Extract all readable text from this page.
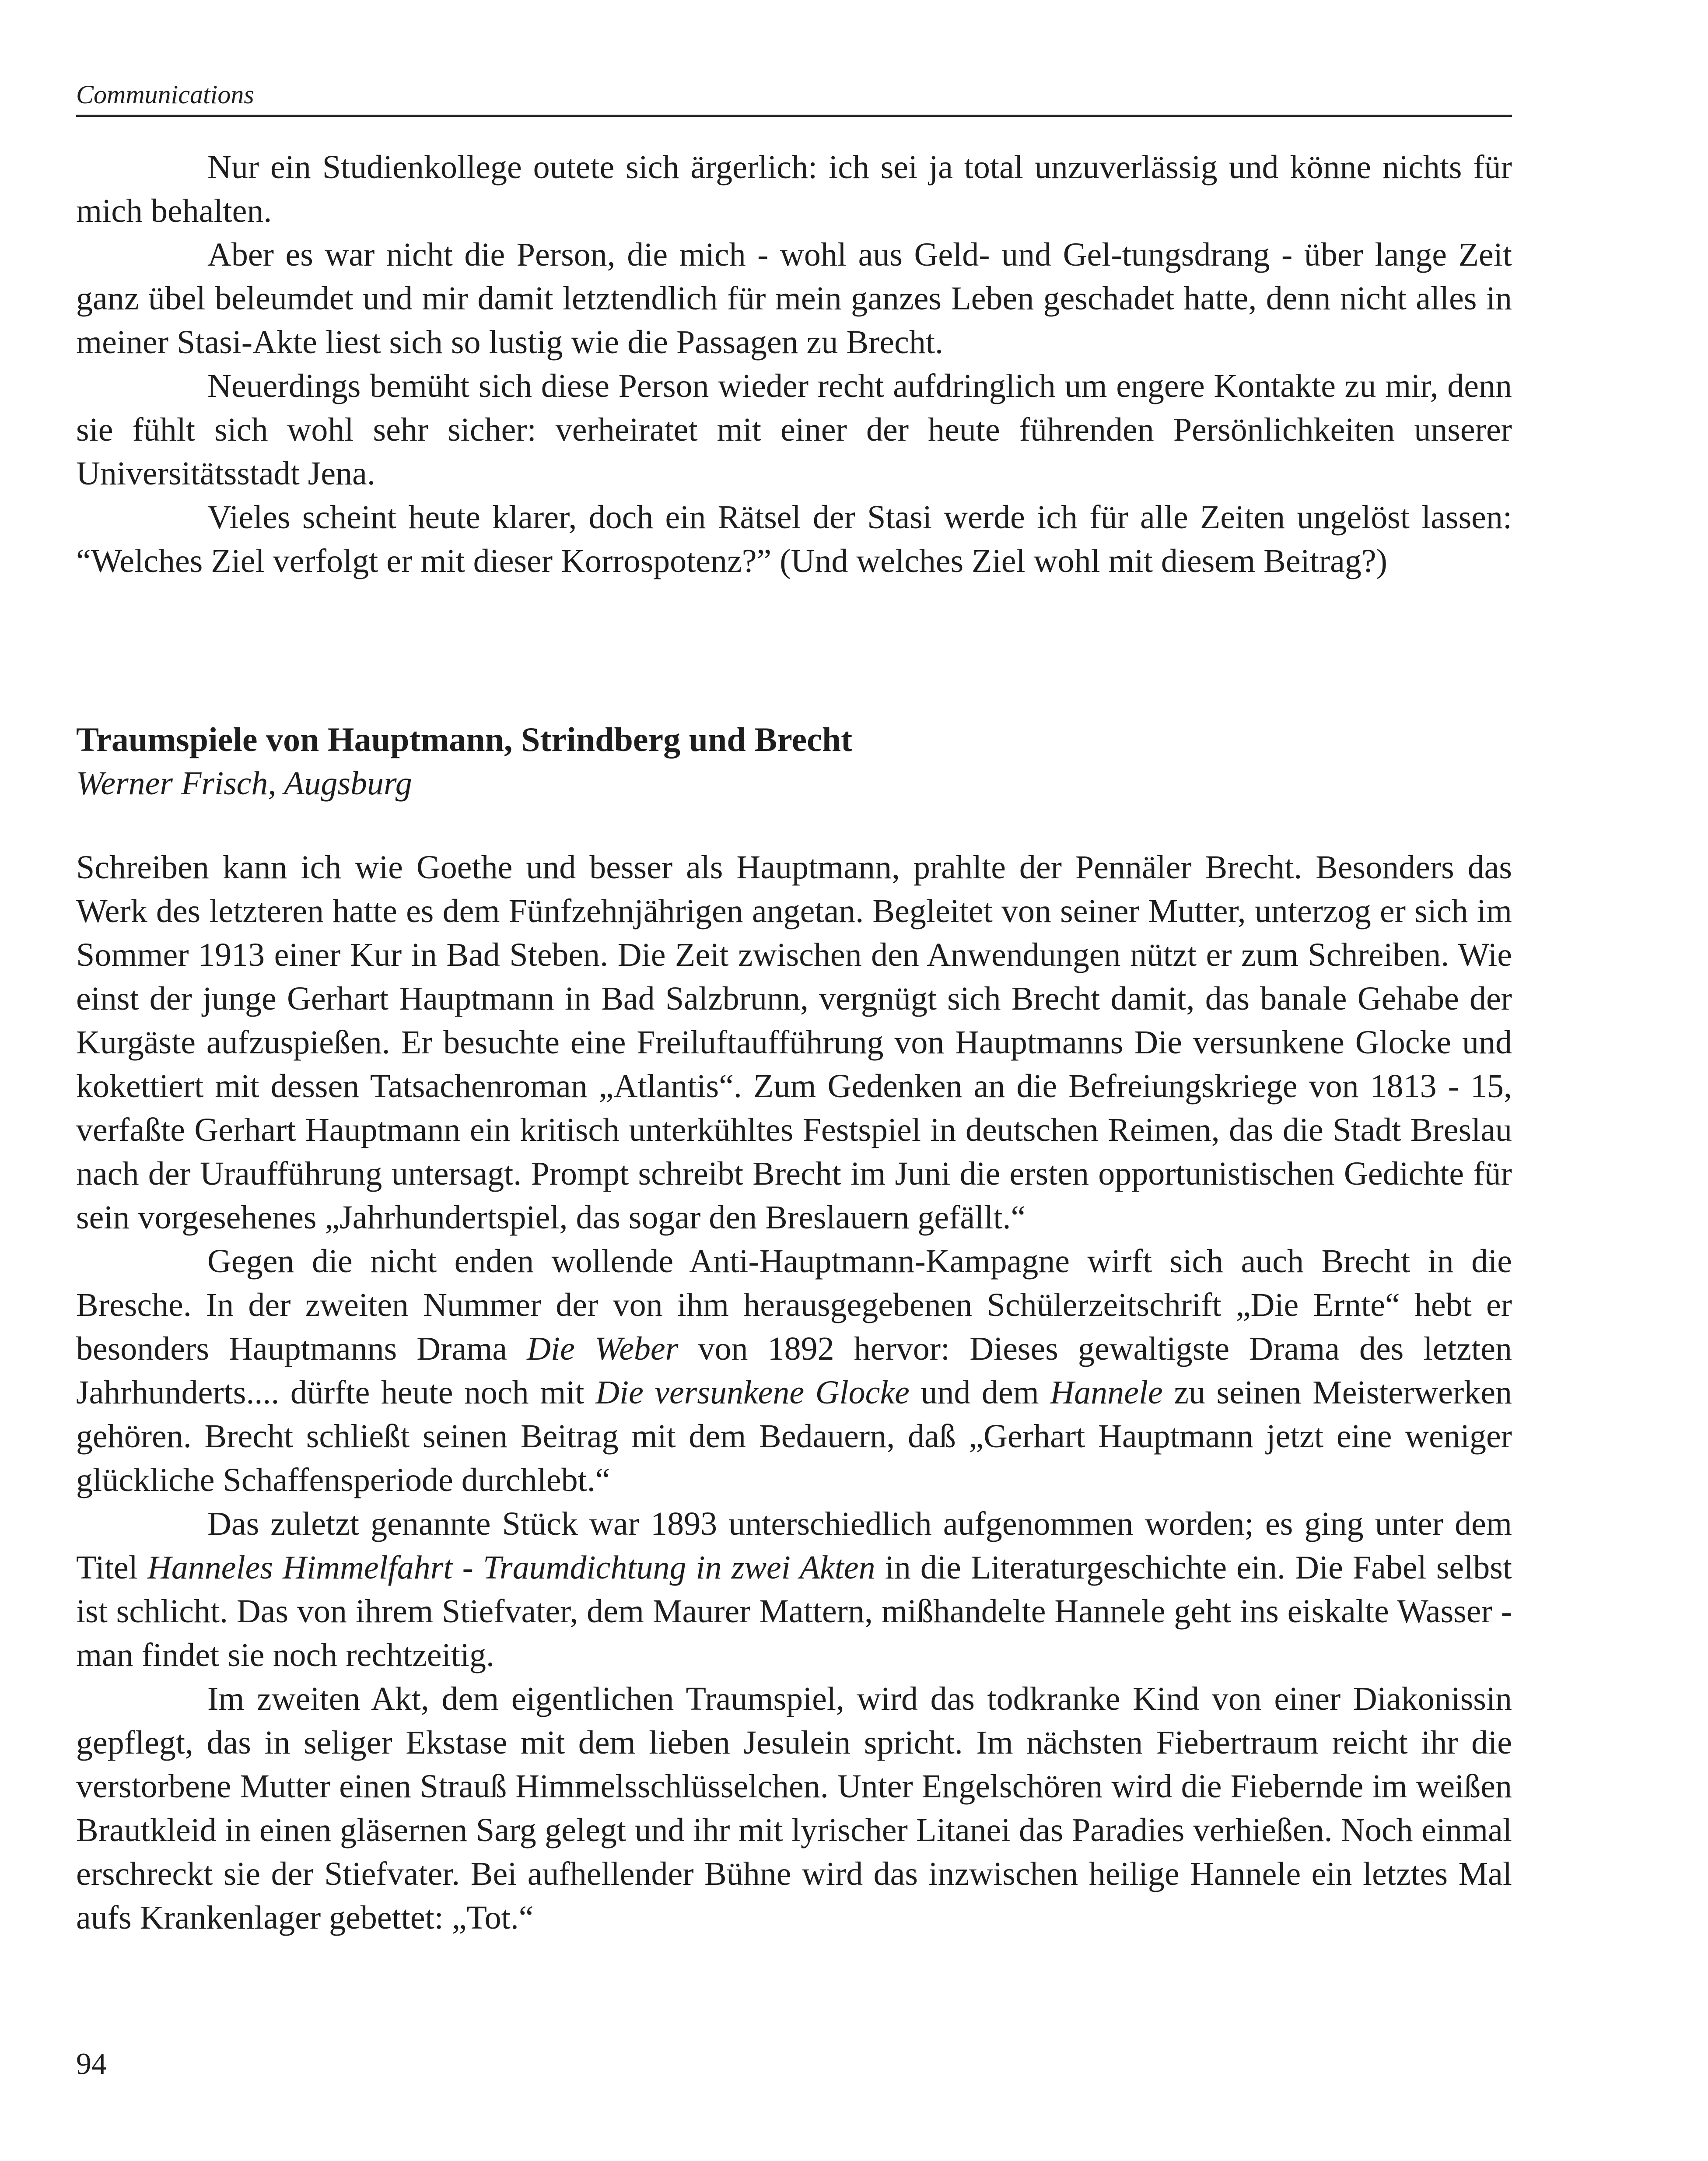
Communications

Nur ein Studienkollege outete sich ärgerlich: ich sei ja total unzuverlässig und könne nichts für mich behalten.

Aber es war nicht die Person, die mich - wohl aus Geld- und Gel-tungsdrang - über lange Zeit ganz übel beleumdet und mir damit letztendlich für mein ganzes Leben geschadet hatte, denn nicht alles in meiner Stasi-Akte liest sich so lustig wie die Passagen zu Brecht.

Neuerdings bemüht sich diese Person wieder recht aufdringlich um engere Kontakte zu mir, denn sie fühlt sich wohl sehr sicher: verheiratet mit einer der heute führenden Persönlichkeiten unserer Universitätsstadt Jena.

Vieles scheint heute klarer, doch ein Rätsel der Stasi werde ich für alle Zeiten ungelöst lassen: “Welches Ziel verfolgt er mit dieser Korrospotenz?” (Und welches Ziel wohl mit diesem Beitrag?)

Traumspiele von Hauptmann, Strindberg und Brecht
Werner Frisch, Augsburg

Schreiben kann ich wie Goethe und besser als Hauptmann, prahlte der Pennäler Brecht. Besonders das Werk des letzteren hatte es dem Fünfzehnjährigen angetan. Begleitet von seiner Mutter, unterzog er sich im Sommer 1913 einer Kur in Bad Steben. Die Zeit zwischen den Anwendungen nützt er zum Schreiben. Wie einst der junge Gerhart Hauptmann in Bad Salzbrunn, vergnügt sich Brecht damit, das banale Gehabe der Kurgäste aufzuspießen. Er besuchte eine Freiluftaufführung von Hauptmanns Die versunkene Glocke und kokettiert mit dessen Tatsachenroman „Atlantis“. Zum Gedenken an die Befreiungskriege von 1813 - 15, verfaßte Gerhart Hauptmann ein kritisch unterkühltes Festspiel in deutschen Reimen, das die Stadt Breslau nach der Uraufführung untersagt. Prompt schreibt Brecht im Juni die ersten opportunistischen Gedichte für sein vorgesehenes „Jahrhundertspiel, das sogar den Breslauern gefällt.“

Gegen die nicht enden wollende Anti-Hauptmann-Kampagne wirft sich auch Brecht in die Bresche. In der zweiten Nummer der von ihm herausgegebenen Schülerzeitschrift „Die Ernte“ hebt er besonders Hauptmanns Drama Die Weber von 1892 hervor: Dieses gewaltigste Drama des letzten Jahrhunderts.... dürfte heute noch mit Die versunkene Glocke und dem Hannele zu seinen Meisterwerken gehören. Brecht schließt seinen Beitrag mit dem Bedauern, daß „Gerhart Hauptmann jetzt eine weniger glückliche Schaffensperiode durchlebt.“

Das zuletzt genannte Stück war 1893 unterschiedlich aufgenommen worden; es ging unter dem Titel Hanneles Himmelfahrt - Traumdichtung in zwei Akten in die Literaturgeschichte ein. Die Fabel selbst ist schlicht. Das von ihrem Stiefvater, dem Maurer Mattern, mißhandelte Hannele geht ins eiskalte Wasser - man findet sie noch rechtzeitig.

Im zweiten Akt, dem eigentlichen Traumspiel, wird das todkranke Kind von einer Diakonissin gepflegt, das in seliger Ekstase mit dem lieben Jesulein spricht. Im nächsten Fiebertraum reicht ihr die verstorbene Mutter einen Strauß Himmelsschlüsselchen. Unter Engelschören wird die Fiebernde im weißen Brautkleid in einen gläsernen Sarg gelegt und ihr mit lyrischer Litanei das Paradies verhießen. Noch einmal erschreckt sie der Stiefvater. Bei aufhellender Bühne wird das inzwischen heilige Hannele ein letztes Mal aufs Krankenlager gebettet: „Tot.“

94
